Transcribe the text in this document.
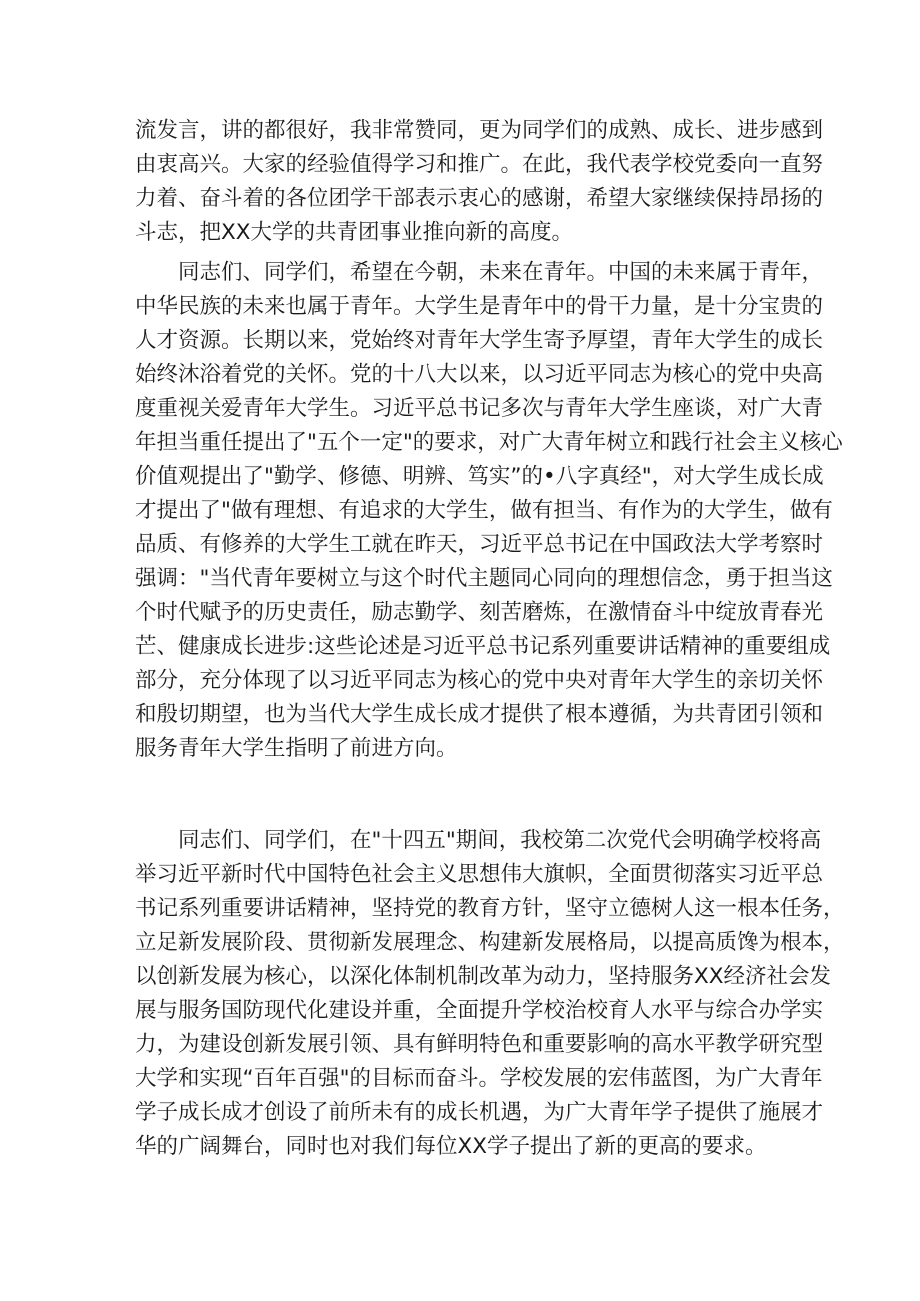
流发言，讲的都很好，我非常赞同，更为同学们的成熟、成长、进步感到
由衷高兴。大家的经验值得学习和推广。在此，我代表学校党委向一直努
力着、奋斗着的各位团学干部表示衷心的感谢，希望大家继续保持昂扬的
斗志，把XX大学的共青团事业推向新的高度。

　　同志们、同学们，希望在今朝，未来在青年。中国的未来属于青年，
中华民族的未来也属于青年。大学生是青年中的骨干力量，是十分宝贵的
人才资源。长期以来，党始终对青年大学生寄予厚望，青年大学生的成长
始终沐浴着党的关怀。党的十八大以来，以习近平同志为核心的党中央高
度重视关爱青年大学生。习近平总书记多次与青年大学生座谈，对广大青
年担当重任提出了"五个一定"的要求，对广大青年树立和践行社会主义核心
价值观提出了"勤学、修德、明辨、笃实”的•八字真经"，对大学生成长成
才提出了"做有理想、有追求的大学生，做有担当、有作为的大学生，做有
品质、有修养的大学生工就在昨天，习近平总书记在中国政法大学考察时
强调："当代青年要树立与这个时代主题同心同向的理想信念，勇于担当这
个时代赋予的历史责任，励志勤学、刻苦磨炼，在激情奋斗中绽放青春光
芒、健康成长进步:这些论述是习近平总书记系列重要讲话精神的重要组成
部分，充分体现了以习近平同志为核心的党中央对青年大学生的亲切关怀
和殷切期望，也为当代大学生成长成才提供了根本遵循，为共青团引领和
服务青年大学生指明了前进方向。

　　同志们、同学们，在"十四五"期间，我校第二次党代会明确学校将高
举习近平新时代中国特色社会主义思想伟大旗帜，全面贯彻落实习近平总
书记系列重要讲话精神，坚持党的教育方针，坚守立德树人这一根本任务，
立足新发展阶段、贯彻新发展理念、构建新发展格局，以提高质馋为根本，
以创新发展为核心，以深化体制机制改革为动力，坚持服务XX经济社会发
展与服务国防现代化建设并重，全面提升学校治校育人水平与综合办学实
力，为建设创新发展引领、具有鲜明特色和重要影响的高水平教学研究型
大学和实现“百年百强"的目标而奋斗。学校发展的宏伟蓝图，为广大青年
学子成长成才创设了前所未有的成长机遇，为广大青年学子提供了施展才
华的广阔舞台，同时也对我们每位XX学子提出了新的更高的要求。
